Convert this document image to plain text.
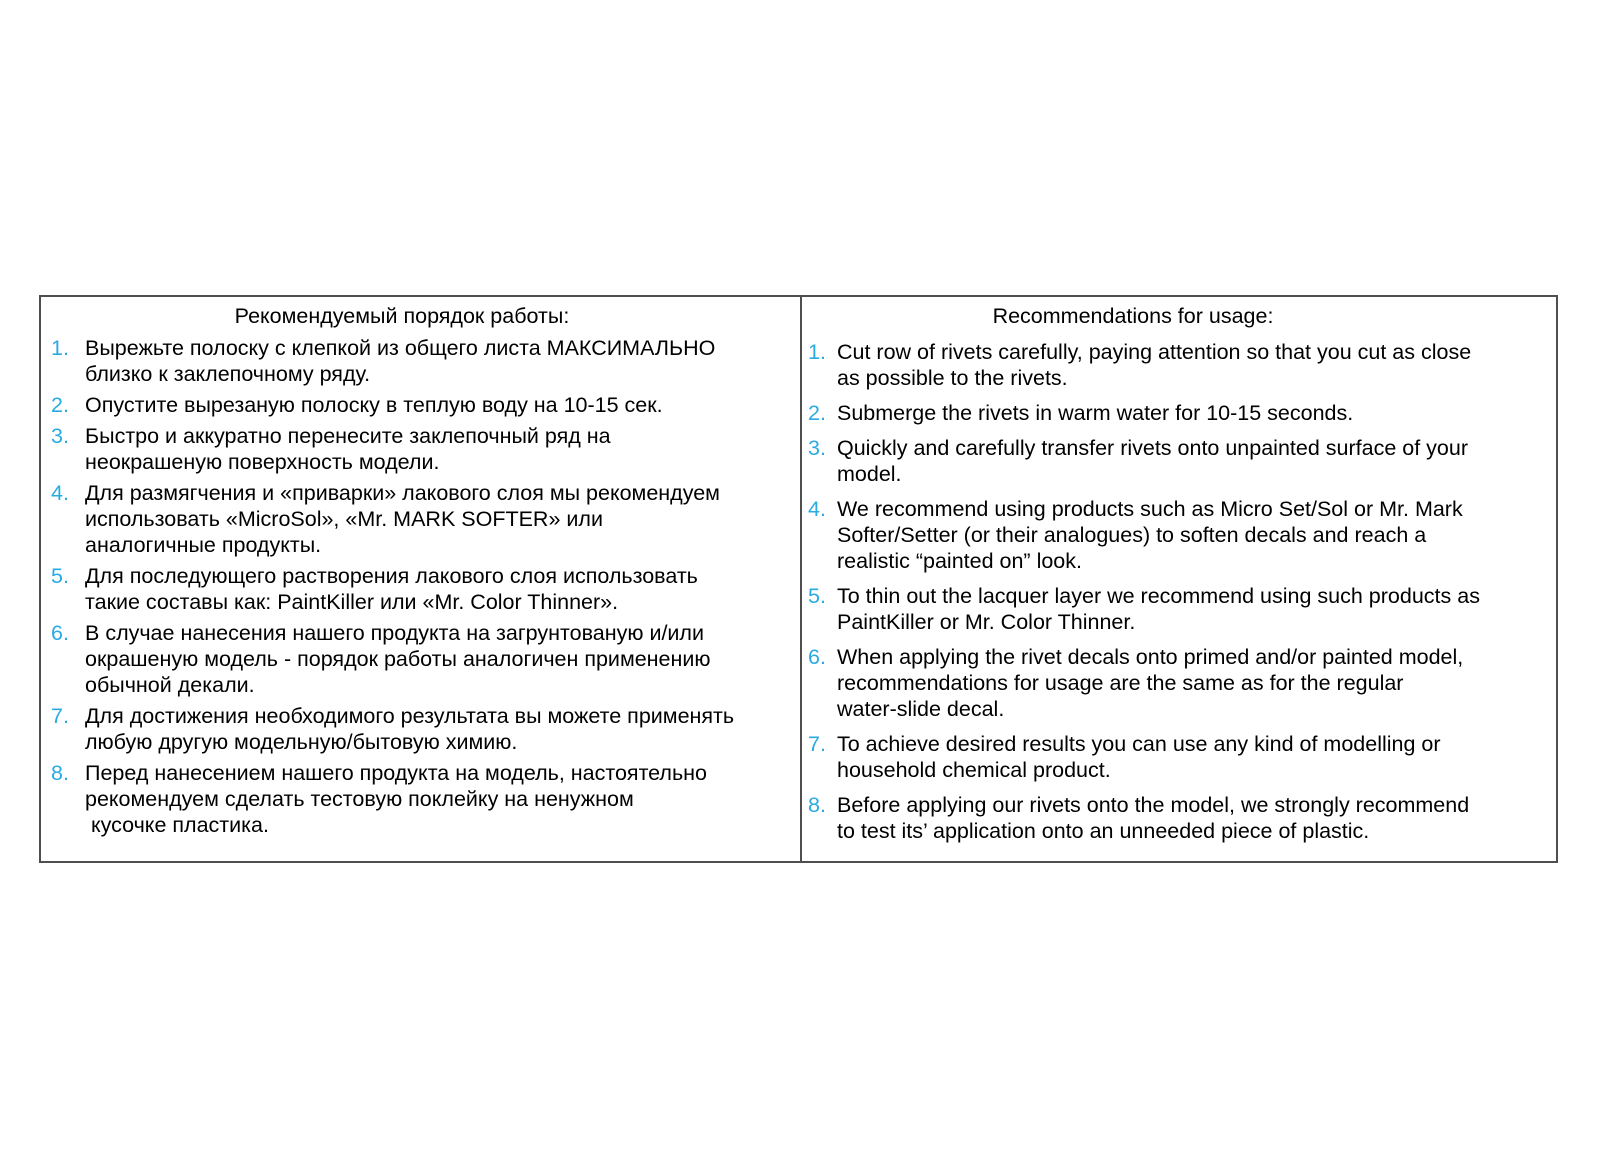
Рекомендуемый порядок работы:
1. Вырежьте полоску с клепкой из общего листа МАКСИМАЛЬНО
близко к заклепочному ряду.
2. Опустите вырезаную полоску в теплую воду на 10-15 сек.
3. Быстро и аккуратно перенесите заклепочный ряд на
неокрашеную поверхность модели.
4. Для размягчения и «приварки» лакового слоя мы рекомендуем
использовать «MicroSol», «Mr. MARK SOFTER» или
аналогичные продукты.
5. Для последующего растворения лакового слоя использовать
такие составы как: PaintKiller или «Mr. Color Thinner».
6. В случае нанесения нашего продукта на загрунтованую и/или
окрашеную модель - порядок работы аналогичен применению
обычной декали.
7. Для достижения необходимого результата вы можете применять
любую другую модельную/бытовую химию.
8. Перед нанесением нашего продукта на модель, настоятельно
рекомендуем сделать тестовую поклейку на ненужном
кусочке пластика.
Recommendations for usage:
1. Cut row of rivets carefully, paying attention so that you cut as close
as possible to the rivets.
2. Submerge the rivets in warm water for 10-15 seconds.
3. Quickly and carefully transfer rivets onto unpainted surface of your
model.
4. We recommend using products such as Micro Set/Sol or Mr. Mark
Softer/Setter (or their analogues) to soften decals and reach a
realistic “painted on” look.
5. To thin out the lacquer layer we recommend using such products as
PaintKiller or Mr. Color Thinner.
6. When applying the rivet decals onto primed and/or painted model,
recommendations for usage are the same as for the regular
water-slide decal.
7. To achieve desired results you can use any kind of modelling or
household chemical product.
8. Before applying our rivets onto the model, we strongly recommend
to test its’ application onto an unneeded piece of plastic.
